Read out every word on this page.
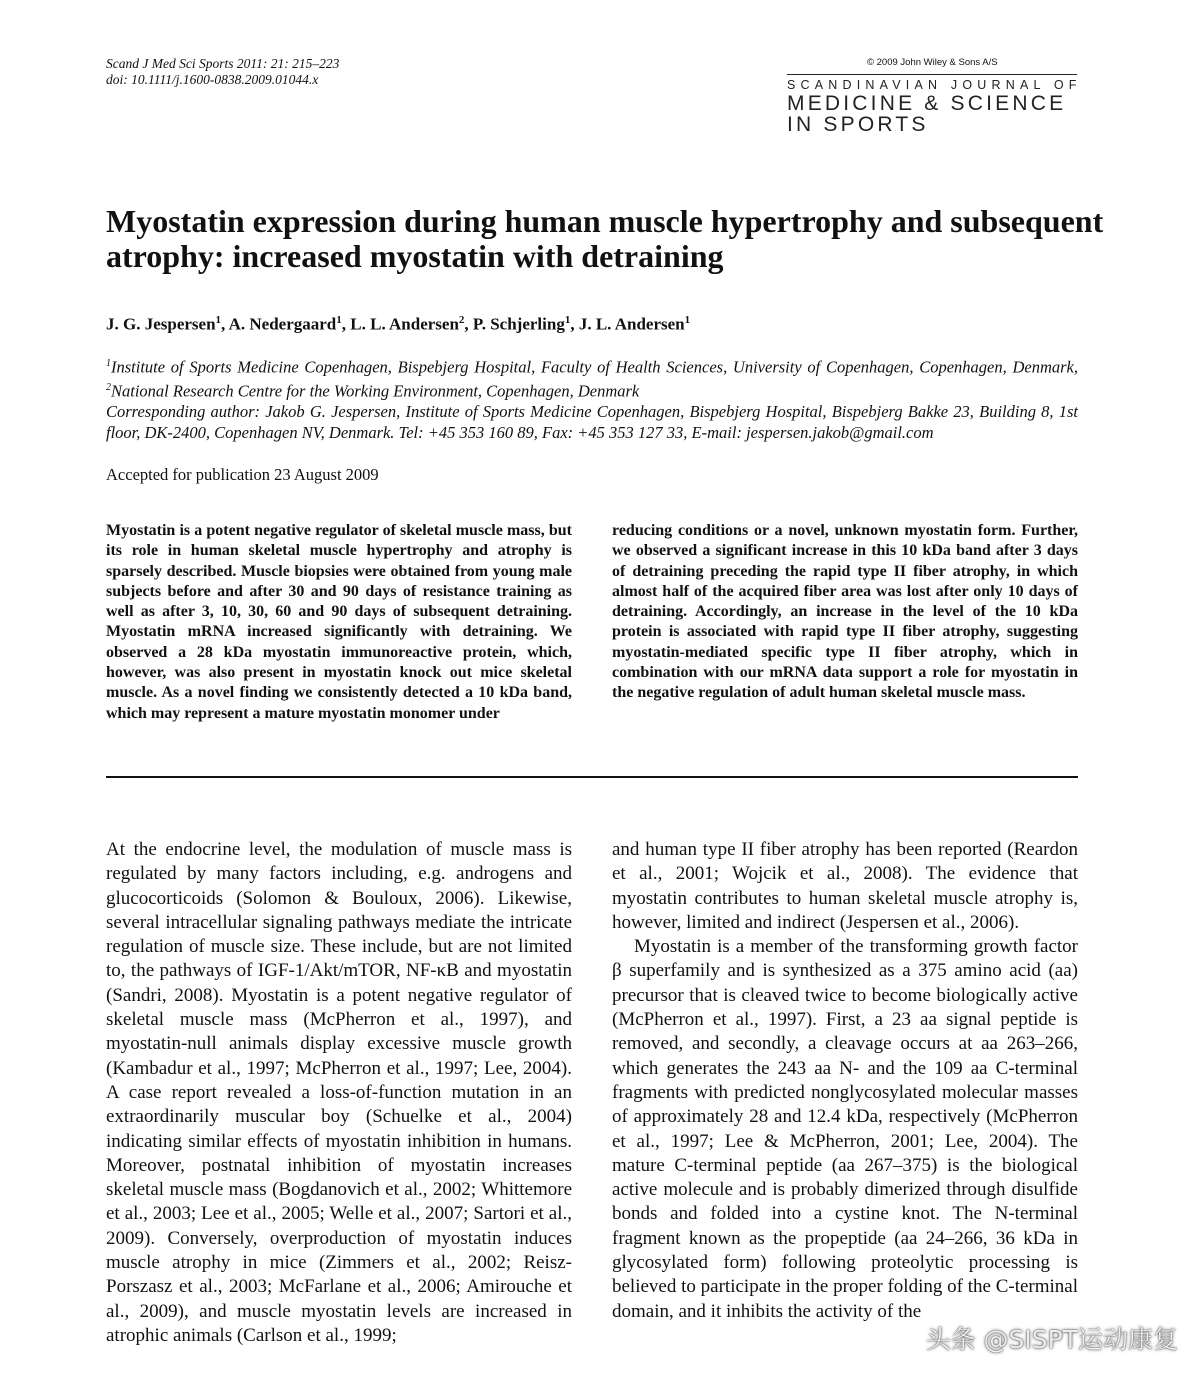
Scand J Med Sci Sports 2011: 21: 215–223
doi: 10.1111/j.1600-0838.2009.01044.x
© 2009 John Wiley & Sons A/S
SCANDINAVIAN JOURNAL OF
MEDICINE & SCIENCE
IN SPORTS
Myostatin expression during human muscle hypertrophy and subsequent atrophy: increased myostatin with detraining
J. G. Jespersen$^1$, A. Nedergaard$^1$, L. L. Andersen$^2$, P. Schjerling$^1$, J. L. Andersen$^1$
$^1$Institute of Sports Medicine Copenhagen, Bispebjerg Hospital, Faculty of Health Sciences, University of Copenhagen, Copenhagen, Denmark, $^2$National Research Centre for the Working Environment, Copenhagen, Denmark
Corresponding author: Jakob G. Jespersen, Institute of Sports Medicine Copenhagen, Bispebjerg Hospital, Bispebjerg Bakke 23, Building 8, 1st floor, DK-2400, Copenhagen NV, Denmark. Tel: +45 353 160 89, Fax: +45 353 127 33, E-mail: jespersen.jakob@gmail.com
Accepted for publication 23 August 2009
Myostatin is a potent negative regulator of skeletal muscle mass, but its role in human skeletal muscle hypertrophy and atrophy is sparsely described. Muscle biopsies were obtained from young male subjects before and after 30 and 90 days of resistance training as well as after 3, 10, 30, 60 and 90 days of subsequent detraining. Myostatin mRNA increased significantly with detraining. We observed a 28 kDa myostatin immunoreactive protein, which, however, was also present in myostatin knock out mice skeletal muscle. As a novel finding we consistently detected a 10 kDa band, which may represent a mature myostatin monomer under
reducing conditions or a novel, unknown myostatin form. Further, we observed a significant increase in this 10 kDa band after 3 days of detraining preceding the rapid type II fiber atrophy, in which almost half of the acquired fiber area was lost after only 10 days of detraining. Accordingly, an increase in the level of the 10 kDa protein is associated with rapid type II fiber atrophy, suggesting myostatin-mediated specific type II fiber atrophy, which in combination with our mRNA data support a role for myostatin in the negative regulation of adult human skeletal muscle mass.

At the endocrine level, the modulation of muscle mass is regulated by many factors including, e.g. androgens and glucocorticoids (Solomon & Bouloux, 2006). Likewise, several intracellular signaling pathways mediate the intricate regulation of muscle size. These include, but are not limited to, the pathways of IGF-1/Akt/mTOR, NF-κB and myostatin (Sandri, 2008). Myostatin is a potent negative regulator of skeletal muscle mass (McPherron et al., 1997), and myostatin-null animals display excessive muscle growth (Kambadur et al., 1997; McPherron et al., 1997; Lee, 2004). A case report revealed a loss-of-function mutation in an extraordinarily muscular boy (Schuelke et al., 2004) indicating similar effects of myostatin inhibition in humans. Moreover, postnatal inhibition of myostatin increases skeletal muscle mass (Bogdanovich et al., 2002; Whittemore et al., 2003; Lee et al., 2005; Welle et al., 2007; Sartori et al., 2009). Conversely, overproduction of myostatin induces muscle atrophy in mice (Zimmers et al., 2002; Reisz-Porszasz et al., 2003; McFarlane et al., 2006; Amirouche et al., 2009), and muscle myostatin levels are increased in atrophic animals (Carlson et al., 1999;

and human type II fiber atrophy has been reported (Reardon et al., 2001; Wojcik et al., 2008). The evidence that myostatin contributes to human skeletal muscle atrophy is, however, limited and indirect (Jespersen et al., 2006).

Myostatin is a member of the transforming growth factor β superfamily and is synthesized as a 375 amino acid (aa) precursor that is cleaved twice to become biologically active (McPherron et al., 1997). First, a 23 aa signal peptide is removed, and secondly, a cleavage occurs at aa 263–266, which generates the 243 aa N- and the 109 aa C-terminal fragments with predicted nonglycosylated molecular masses of approximately 28 and 12.4 kDa, respectively (McPherron et al., 1997; Lee & McPherron, 2001; Lee, 2004). The mature C-terminal peptide (aa 267–375) is the biological active molecule and is probably dimerized through disulfide bonds and folded into a cystine knot. The N-terminal fragment known as the propeptide (aa 24–266, 36 kDa in glycosylated form) following proteolytic processing is believed to participate in the proper folding of the C-terminal domain, and it inhibits the activity of the

头条 @SISPT运动康复
